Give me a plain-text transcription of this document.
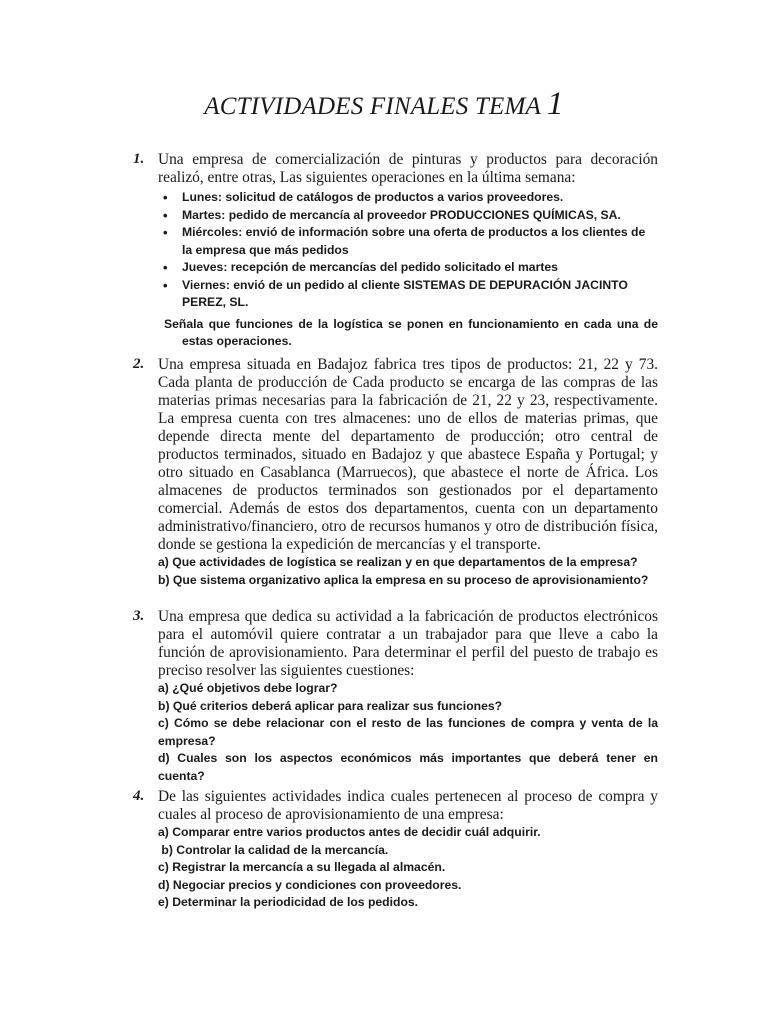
ACTIVIDADES FINALES TEMA 1
1. Una empresa de comercialización de pinturas y productos para decoración realizó, entre otras, Las siguientes operaciones en la última semana:
• Lunes: solicitud de catálogos de productos a varios proveedores.
• Martes: pedido de mercancía al proveedor PRODUCCIONES QUÍMICAS, SA.
• Miércoles: envió de información sobre una oferta de productos a los clientes de la empresa que más pedidos
• Jueves: recepción de mercancías del pedido solicitado el martes
• Viernes: envió de un pedido al cliente SISTEMAS DE DEPURACIÓN JACINTO PEREZ, SL.
Señala que funciones de la logística se ponen en funcionamiento en cada una de estas operaciones.
2. Una empresa situada en Badajoz fabrica tres tipos de productos: 21, 22 y 73. Cada planta de producción de Cada producto se encarga de las compras de las materias primas necesarias para la fabricación de 21, 22 y 23, respectivamente. La empresa cuenta con tres almacenes: uno de ellos de materias primas, que depende directa mente del departamento de producción; otro central de productos terminados, situado en Badajoz y que abastece España y Portugal; y otro situado en Casablanca (Marruecos), que abastece el norte de África. Los almacenes de productos terminados son gestionados por el departamento comercial. Además de estos dos departamentos, cuenta con un departamento administrativo/financiero, otro de recursos humanos y otro de distribución física, donde se gestiona la expedición de mercancías y el transporte.
a) Que actividades de logística se realizan y en que departamentos de la empresa?
b) Que sistema organizativo aplica la empresa en su proceso de aprovisionamiento?
3. Una empresa que dedica su actividad a la fabricación de productos electrónicos para el automóvil quiere contratar a un trabajador para que lleve a cabo la función de aprovisionamiento. Para determinar el perfil del puesto de trabajo es preciso resolver las siguientes cuestiones:
a) ¿Qué objetivos debe lograr?
b) Qué criterios deberá aplicar para realizar sus funciones?
c) Cómo se debe relacionar con el resto de las funciones de compra y venta de la empresa?
d) Cuales son los aspectos económicos más importantes que deberá tener en cuenta?
4. De las siguientes actividades indica cuales pertenecen al proceso de compra y cuales al proceso de aprovisionamiento de una empresa:
a) Comparar entre varios productos antes de decidir cuál adquirir.
b) Controlar la calidad de la mercancía.
c) Registrar la mercancía a su llegada al almacén.
d) Negociar precios y condiciones con proveedores.
e) Determinar la periodicidad de los pedidos.
